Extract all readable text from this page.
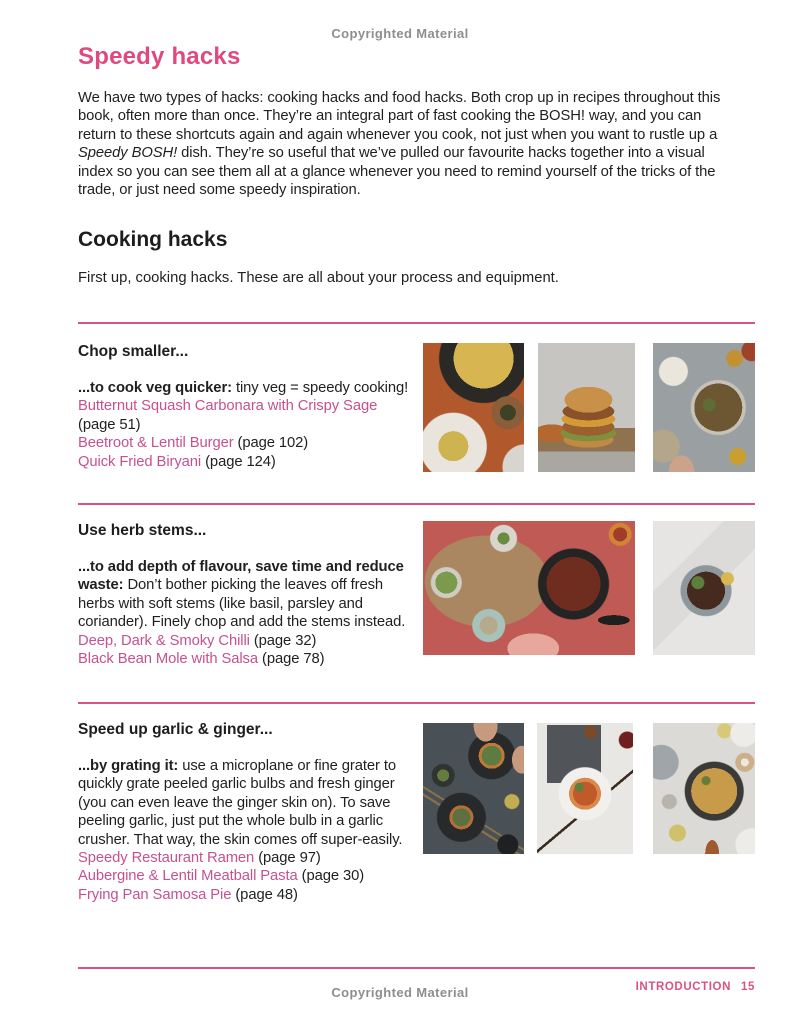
Copyrighted Material
Speedy hacks

We have two types of hacks: cooking hacks and food hacks. Both crop up in recipes throughout this book, often more than once. They’re an integral part of fast cooking the BOSH! way, and you can return to these shortcuts again and again whenever you cook, not just when you want to rustle up a Speedy BOSH! dish. They’re so useful that we’ve pulled our favourite hacks together into a visual index so you can see them all at a glance whenever you need to remind yourself of the tricks of the trade, or just need some speedy inspiration.

Cooking hacks

First up, cooking hacks. These are all about your process and equipment.

Chop smaller...
...to cook veg quicker: tiny veg = speedy cooking!
Butternut Squash Carbonara with Crispy Sage (page 51)
Beetroot & Lentil Burger (page 102)
Quick Fried Biryani (page 124)
Use herb stems...
...to add depth of flavour, save time and reduce waste: Don’t bother picking the leaves off fresh herbs with soft stems (like basil, parsley and coriander). Finely chop and add the stems instead.
Deep, Dark & Smoky Chilli (page 32)
Black Bean Mole with Salsa (page 78)
Speed up garlic & ginger...
...by grating it: use a microplane or fine grater to quickly grate peeled garlic bulbs and fresh ginger (you can even leave the ginger skin on). To save peeling garlic, just put the whole bulb in a garlic crusher. That way, the skin comes off super-easily.
Speedy Restaurant Ramen (page 97)
Aubergine & Lentil Meatball Pasta (page 30)
Frying Pan Samosa Pie (page 48)
INTRODUCTION 15
Copyrighted Material
